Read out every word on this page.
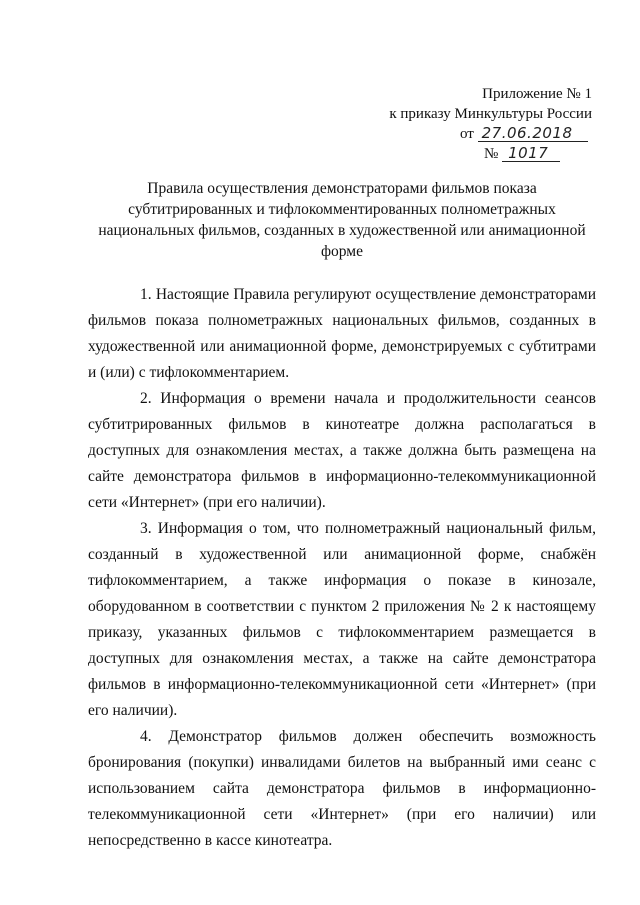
Приложение № 1
к приказу Минкультуры России
от 27.06.2018
№ 1017
Правила осуществления демонстраторами фильмов показа субтитрированных и тифлокомментированных полнометражных национальных фильмов, созданных в художественной или анимационной форме

1. Настоящие Правила регулируют осуществление демонстраторами фильмов показа полнометражных национальных фильмов, созданных в художественной или анимационной форме, демонстрируемых с субтитрами и (или) с тифлокомментарием.

2. Информация о времени начала и продолжительности сеансов субтитрированных фильмов в кинотеатре должна располагаться в доступных для ознакомления местах, а также должна быть размещена на сайте демонстратора фильмов в информационно-телекоммуникационной сети «Интернет» (при его наличии).

3. Информация о том, что полнометражный национальный фильм, созданный в художественной или анимационной форме, снабжён тифлокомментарием, а также информация о показе в кинозале, оборудованном в соответствии с пунктом 2 приложения № 2 к настоящему приказу, указанных фильмов с тифлокомментарием размещается в доступных для ознакомления местах, а также на сайте демонстратора фильмов в информационно-телекоммуникационной сети «Интернет» (при его наличии).

4. Демонстратор фильмов должен обеспечить возможность бронирования (покупки) инвалидами билетов на выбранный ими сеанс с использованием сайта демонстратора фильмов в информационно-телекоммуникационной сети «Интернет» (при его наличии) или непосредственно в кассе кинотеатра.
